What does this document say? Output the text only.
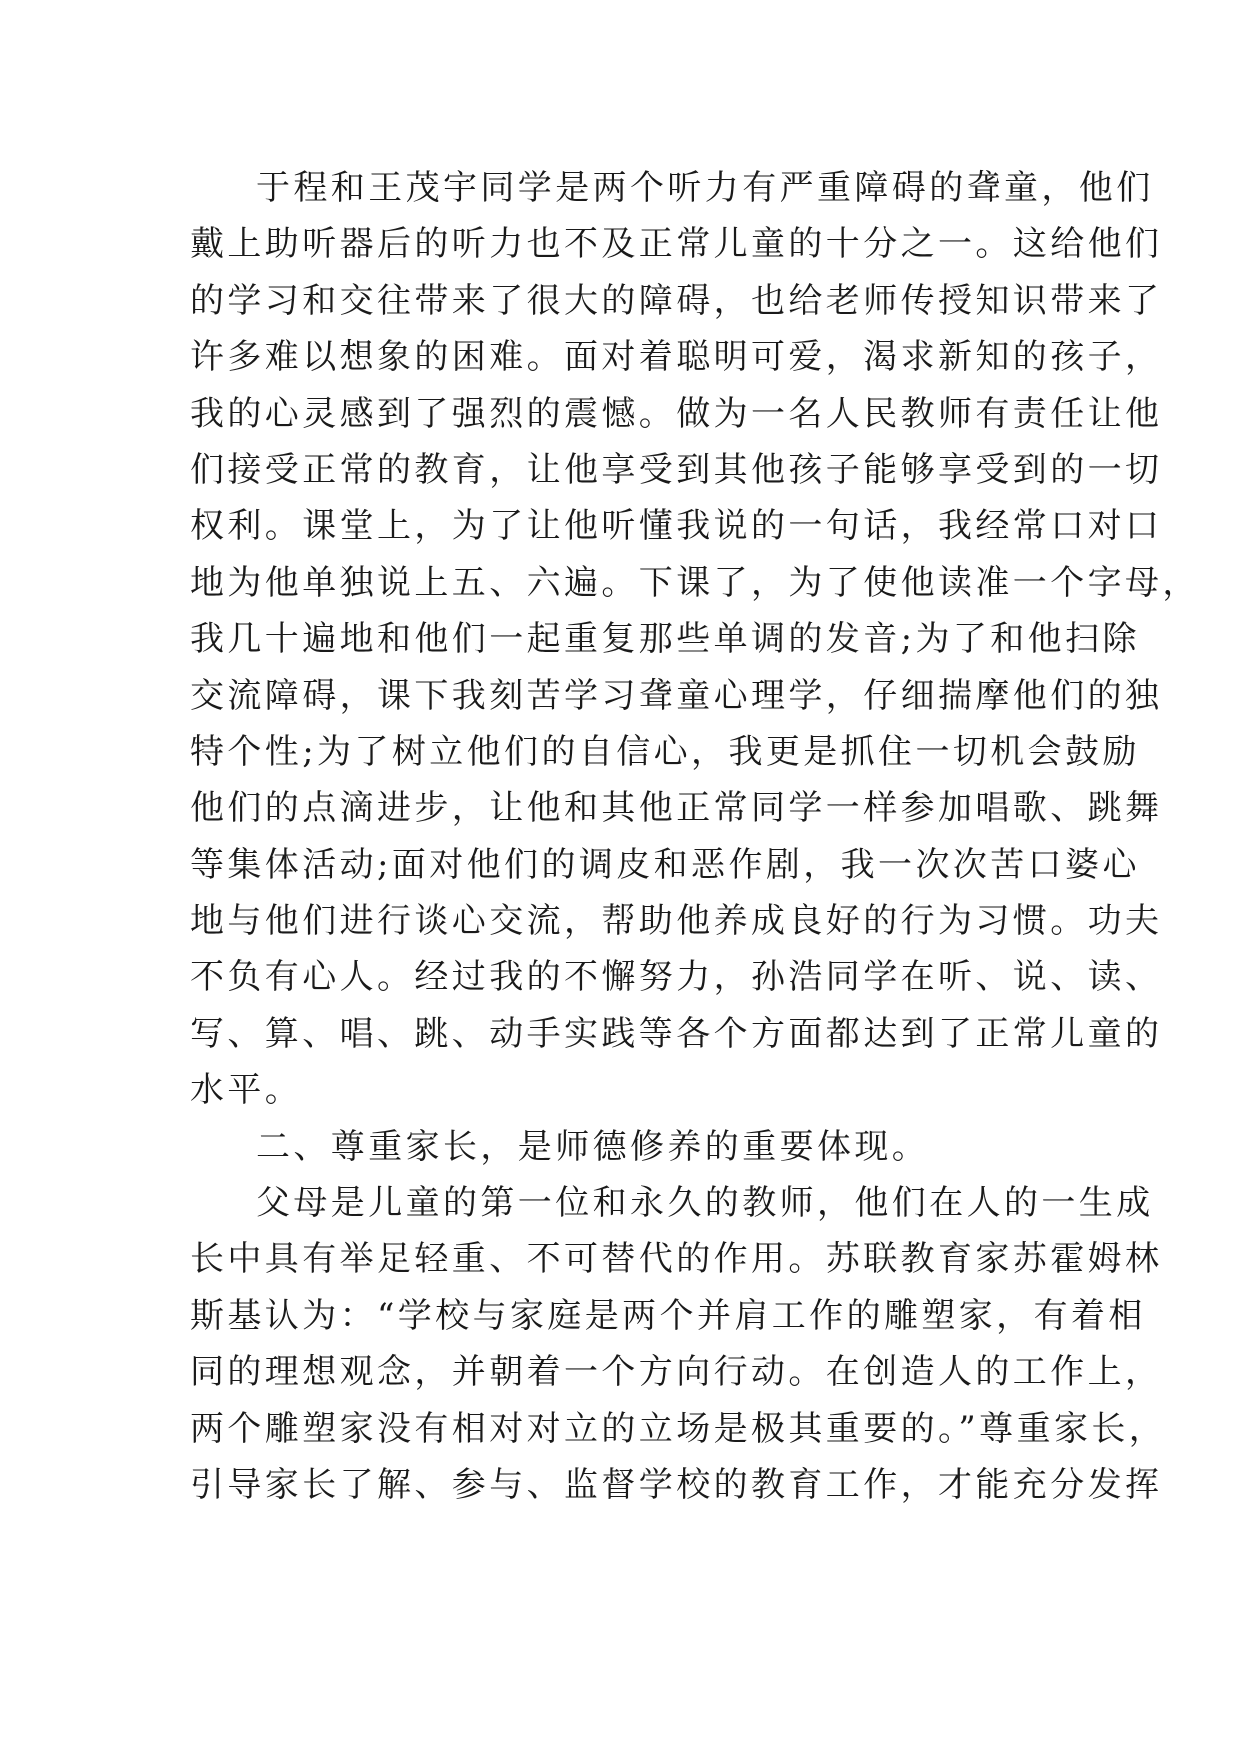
于程和王茂宇同学是两个听力有严重障碍的聋童，他们
戴上助听器后的听力也不及正常儿童的十分之一。这给他们
的学习和交往带来了很大的障碍，也给老师传授知识带来了
许多难以想象的困难。面对着聪明可爱，渴求新知的孩子，
我的心灵感到了强烈的震憾。做为一名人民教师有责任让他
们接受正常的教育，让他享受到其他孩子能够享受到的一切
权利。课堂上，为了让他听懂我说的一句话，我经常口对口
地为他单独说上五、六遍。下课了，为了使他读准一个字母，
我几十遍地和他们一起重复那些单调的发音;为了和他扫除
交流障碍，课下我刻苦学习聋童心理学，仔细揣摩他们的独
特个性;为了树立他们的自信心，我更是抓住一切机会鼓励
他们的点滴进步，让他和其他正常同学一样参加唱歌、跳舞
等集体活动;面对他们的调皮和恶作剧，我一次次苦口婆心
地与他们进行谈心交流，帮助他养成良好的行为习惯。功夫
不负有心人。经过我的不懈努力，孙浩同学在听、说、读、
写、算、唱、跳、动手实践等各个方面都达到了正常儿童的
水平。
二、尊重家长，是师德修养的重要体现。
父母是儿童的第一位和永久的教师，他们在人的一生成
长中具有举足轻重、不可替代的作用。苏联教育家苏霍姆林
斯基认为：“学校与家庭是两个并肩工作的雕塑家，有着相
同的理想观念，并朝着一个方向行动。在创造人的工作上，
两个雕塑家没有相对对立的立场是极其重要的。”尊重家长，
引导家长了解、参与、监督学校的教育工作，才能充分发挥
